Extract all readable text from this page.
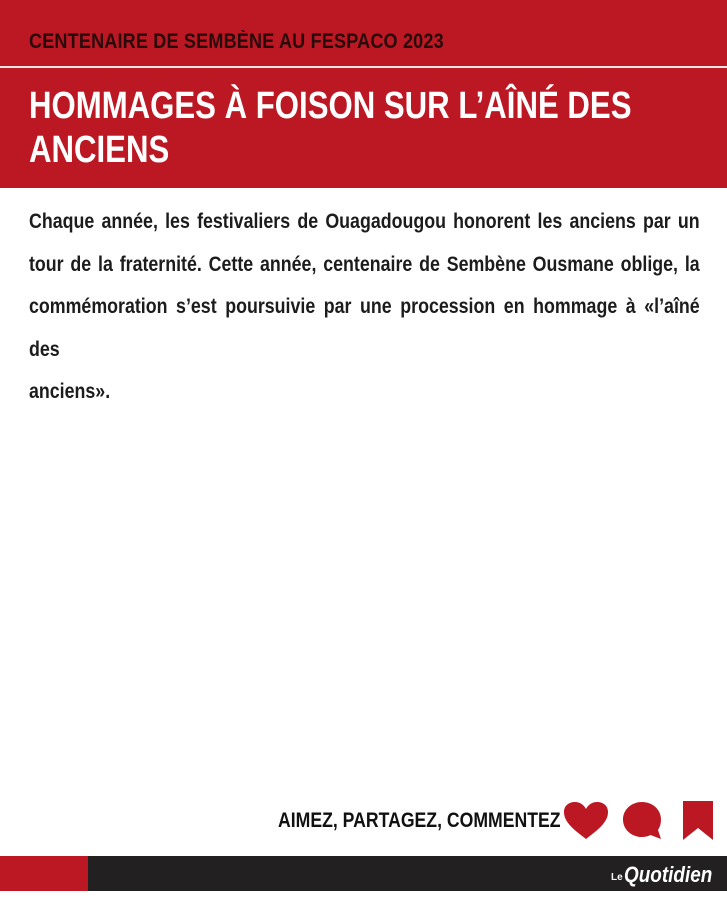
CENTENAIRE DE SEMBÈNE AU FESPACO 2023
HOMMAGES À FOISON SUR L’AÎNÉ DES ANCIENS
Chaque année, les festivaliers de Ouagadougou honorent les anciens par un tour de la fraternité. Cette année, centenaire de Sembène Ousmane oblige, la commémoration s’est poursuivie par une procession en hommage à «l’aîné des
anciens».
AIMEZ, PARTAGEZ, COMMENTEZ
Le Quotidien
